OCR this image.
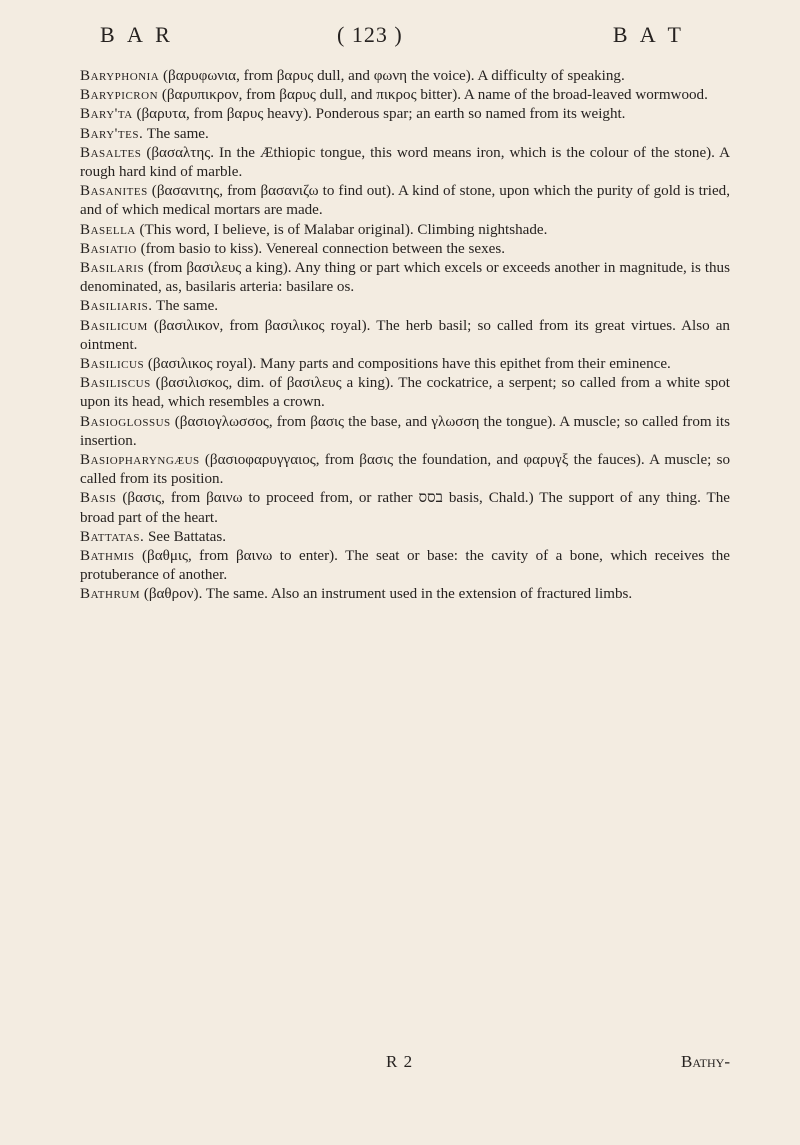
B A R	( 123 )	B A T

Baryphonia (βαρυφωνια, from βαρυς dull, and φωνη the voice). A difficulty of speaking.

Barypicron (βαρυπικρον, from βαρυς dull, and πικρος bitter). A name of the broad-leaved wormwood.

Bary'ta (βαρυτα, from βαρυς heavy). Ponderous spar; an earth so named from its weight.

Bary'tes. The same.

Basaltes (βασαλτης. In the Æthiopic tongue, this word means iron, which is the colour of the stone). A rough hard kind of marble.

Basanites (βασανιτης, from βασανιζω to find out). A kind of stone, upon which the purity of gold is tried, and of which medical mortars are made.

Basella (This word, I believe, is of Malabar original). Climbing nightshade.

Basiatio (from basio to kiss). Venereal connection between the sexes.

Basilaris (from βασιλευς a king). Any thing or part which excels or exceeds another in magnitude, is thus denominated, as, basilaris arteria: basilare os.

Basiliaris. The same.

Basilicum (βασιλικον, from βασιλικος royal). The herb basil; so called from its great virtues. Also an ointment.

Basilicus (βασιλικος royal). Many parts and compositions have this epithet from their eminence.

Basiliscus (βασιλισκος, dim. of βασιλευς a king). The cockatrice, a serpent; so called from a white spot upon its head, which resembles a crown.

Basioglossus (βασιογλωσσος, from βασις the base, and γλωσση the tongue). A muscle; so called from its insertion.

Basiopharyngæus (βασιοφαρυγγαιος, from βασις the foundation, and φαρυγξ the fauces). A muscle; so called from its position.

Basis (βασις, from βαινω to proceed from, or rather בסס basis, Chald.) The support of any thing. The broad part of the heart.

Battatas. See Battatas.

Bathmis (βαθμις, from βαινω to enter). The seat or base: the cavity of a bone, which receives the protuberance of another.

Bathrum (βαθρον). The same. Also an instrument used in the extension of fractured limbs.

R 2	Bathy-
